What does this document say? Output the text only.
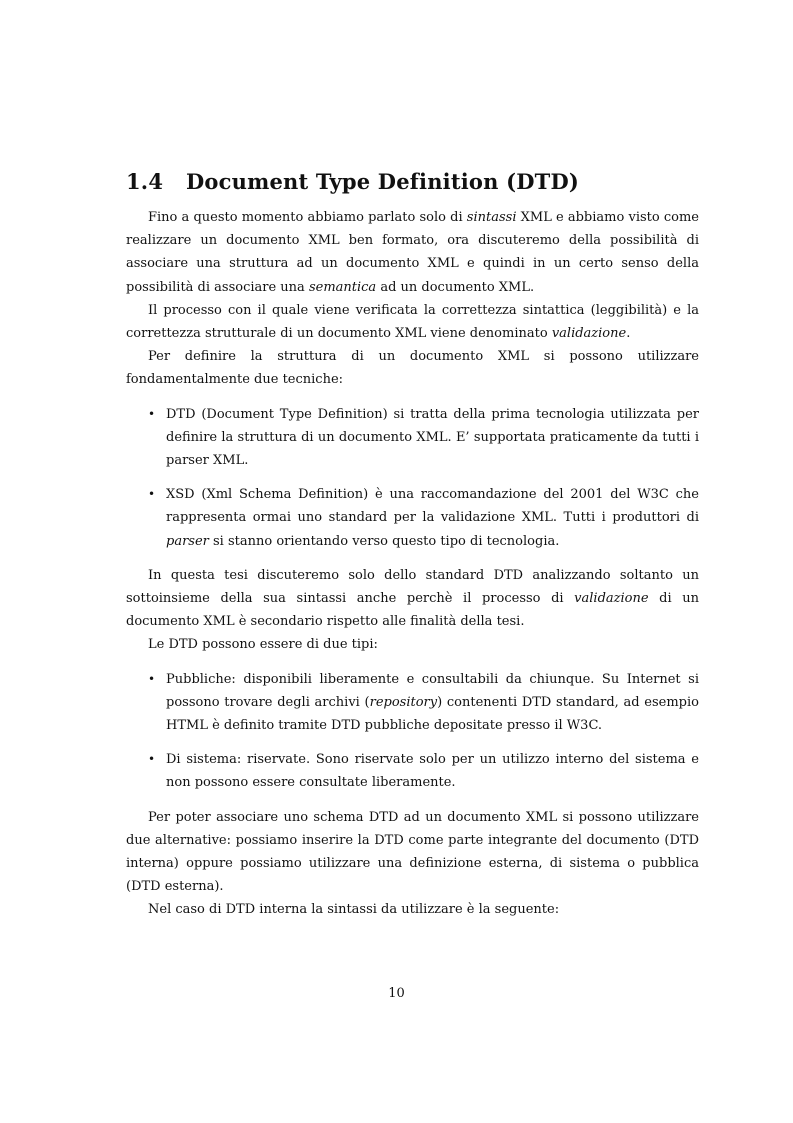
1.4 Document Type Definition (DTD)

Fino a questo momento abbiamo parlato solo di sintassi XML e abbiamo visto come realizzare un documento XML ben formato, ora discuteremo della possibilità di associare una struttura ad un documento XML e quindi in un certo senso della possibilità di associare una semantica ad un documento XML.

Il processo con il quale viene verificata la correttezza sintattica (leggibilità) e la correttezza strutturale di un documento XML viene denominato validazione.

Per definire la struttura di un documento XML si possono utilizzare fondamentalmente due tecniche:

• DTD (Document Type Definition) si tratta della prima tecnologia utilizzata per definire la struttura di un documento XML. E’ supportata praticamente da tutti i parser XML.
• XSD (Xml Schema Definition) è una raccomandazione del 2001 del W3C che rappresenta ormai uno standard per la validazione XML. Tutti i produttori di parser si stanno orientando verso questo tipo di tecnologia.

In questa tesi discuteremo solo dello standard DTD analizzando soltanto un sottoinsieme della sua sintassi anche perchè il processo di validazione di un documento XML è secondario rispetto alle finalità della tesi.

Le DTD possono essere di due tipi:

• Pubbliche: disponibili liberamente e consultabili da chiunque. Su Internet si possono trovare degli archivi (repository) contenenti DTD standard, ad esempio HTML è definito tramite DTD pubbliche depositate presso il W3C.
• Di sistema: riservate. Sono riservate solo per un utilizzo interno del sistema e non possono essere consultate liberamente.

Per poter associare uno schema DTD ad un documento XML si possono utilizzare due alternative: possiamo inserire la DTD come parte integrante del documento (DTD interna) oppure possiamo utilizzare una definizione esterna, di sistema o pubblica (DTD esterna).

Nel caso di DTD interna la sintassi da utilizzare è la seguente:

10
